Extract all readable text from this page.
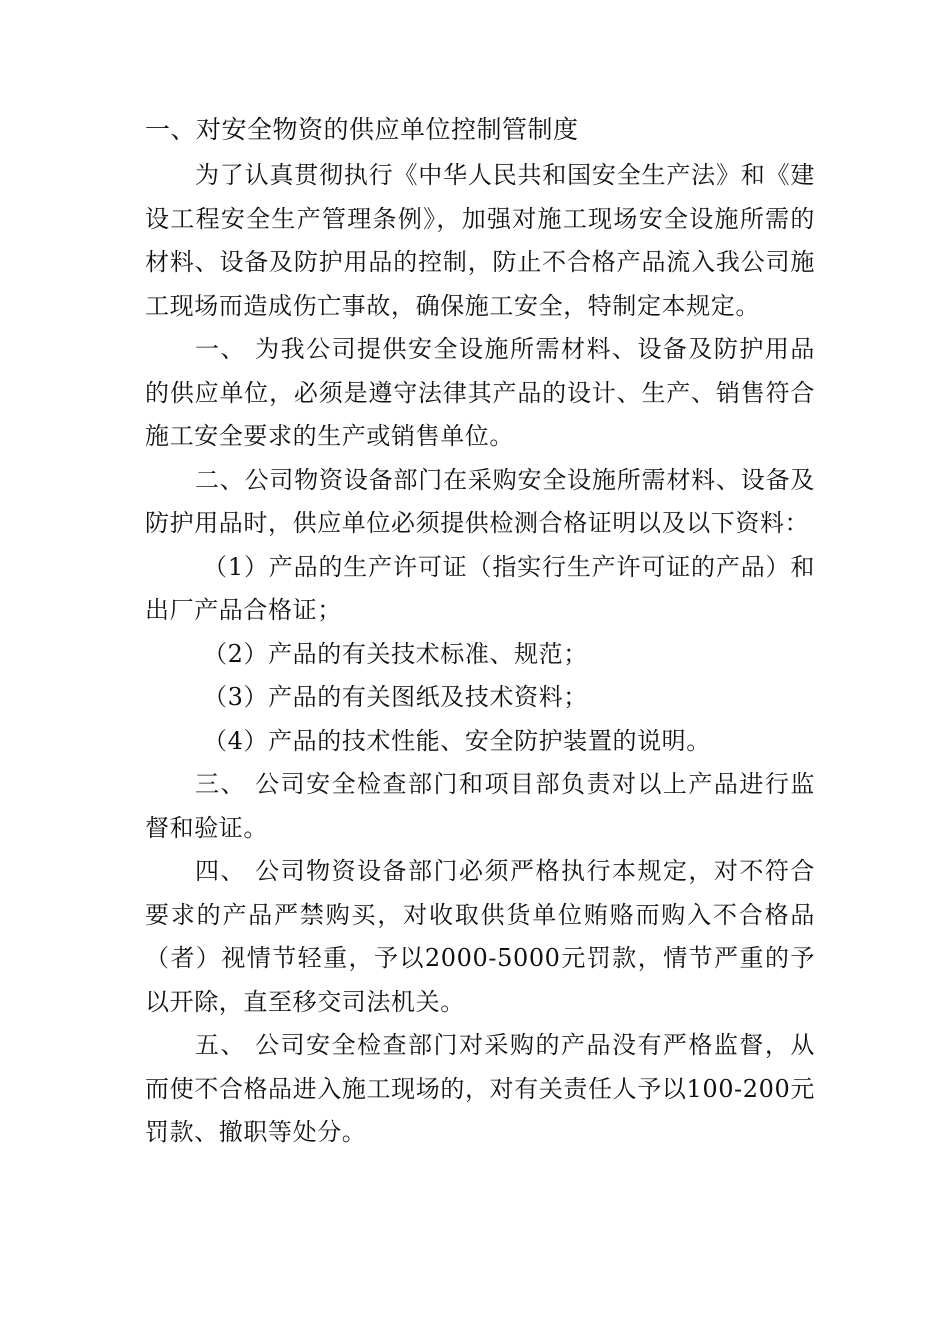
一、对安全物资的供应单位控制管制度

为了认真贯彻执行《中华人民共和国安全生产法》和《建设工程安全生产管理条例》，加强对施工现场安全设施所需的材料、设备及防护用品的控制，防止不合格产品流入我公司施工现场而造成伤亡事故，确保施工安全，特制定本规定。

一、 为我公司提供安全设施所需材料、设备及防护用品的供应单位，必须是遵守法律其产品的设计、生产、销售符合施工安全要求的生产或销售单位。

二、公司物资设备部门在采购安全设施所需材料、设备及防护用品时，供应单位必须提供检测合格证明以及以下资料：

（1）产品的生产许可证（指实行生产许可证的产品）和出厂产品合格证；

（2）产品的有关技术标准、规范；

（3）产品的有关图纸及技术资料；

（4）产品的技术性能、安全防护装置的说明。

三、 公司安全检查部门和项目部负责对以上产品进行监督和验证。

四、 公司物资设备部门必须严格执行本规定，对不符合要求的产品严禁购买，对收取供货单位贿赂而购入不合格品（者）视情节轻重，予以2000-5000元罚款，情节严重的予以开除，直至移交司法机关。

五、 公司安全检查部门对采购的产品没有严格监督，从而使不合格品进入施工现场的，对有关责任人予以100-200元罚款、撤职等处分。
